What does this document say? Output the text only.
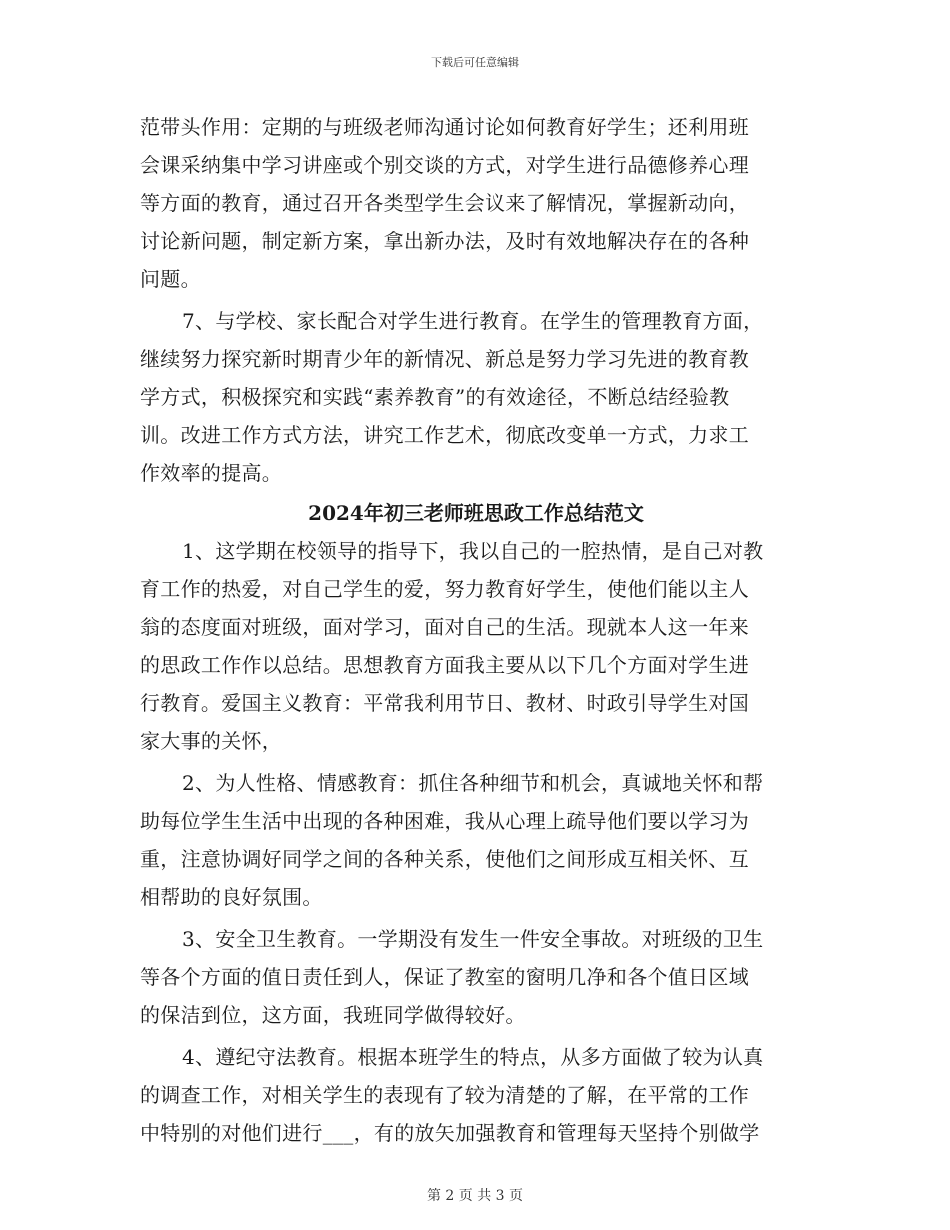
下载后可任意编辑
范带头作用：定期的与班级老师沟通讨论如何教育好学生；还利用班
会课采纳集中学习讲座或个别交谈的方式，对学生进行品德修养心理
等方面的教育，通过召开各类型学生会议来了解情况，掌握新动向，
讨论新问题，制定新方案，拿出新办法，及时有效地解决存在的各种
问题。
7、与学校、家长配合对学生进行教育。在学生的管理教育方面，
继续努力探究新时期青少年的新情况、新总是努力学习先进的教育教
学方式，积极探究和实践“素养教育”的有效途径，不断总结经验教
训。改进工作方式方法，讲究工作艺术，彻底改变单一方式，力求工
作效率的提高。
2024年初三老师班思政工作总结范文
1、这学期在校领导的指导下，我以自己的一腔热情，是自己对教
育工作的热爱，对自己学生的爱，努力教育好学生，使他们能以主人
翁的态度面对班级，面对学习，面对自己的生活。现就本人这一年来
的思政工作作以总结。思想教育方面我主要从以下几个方面对学生进
行教育。爱国主义教育：平常我利用节日、教材、时政引导学生对国
家大事的关怀，
2、为人性格、情感教育：抓住各种细节和机会，真诚地关怀和帮
助每位学生生活中出现的各种困难，我从心理上疏导他们要以学习为
重，注意协调好同学之间的各种关系，使他们之间形成互相关怀、互
相帮助的良好氛围。
3、安全卫生教育。一学期没有发生一件安全事故。对班级的卫生
等各个方面的值日责任到人，保证了教室的窗明几净和各个值日区域
的保洁到位，这方面，我班同学做得较好。
4、遵纪守法教育。根据本班学生的特点，从多方面做了较为认真
的调查工作，对相关学生的表现有了较为清楚的了解，在平常的工作
中特别的对他们进行___，有的放矢加强教育和管理每天坚持个别做学
第 2 页 共 3 页
